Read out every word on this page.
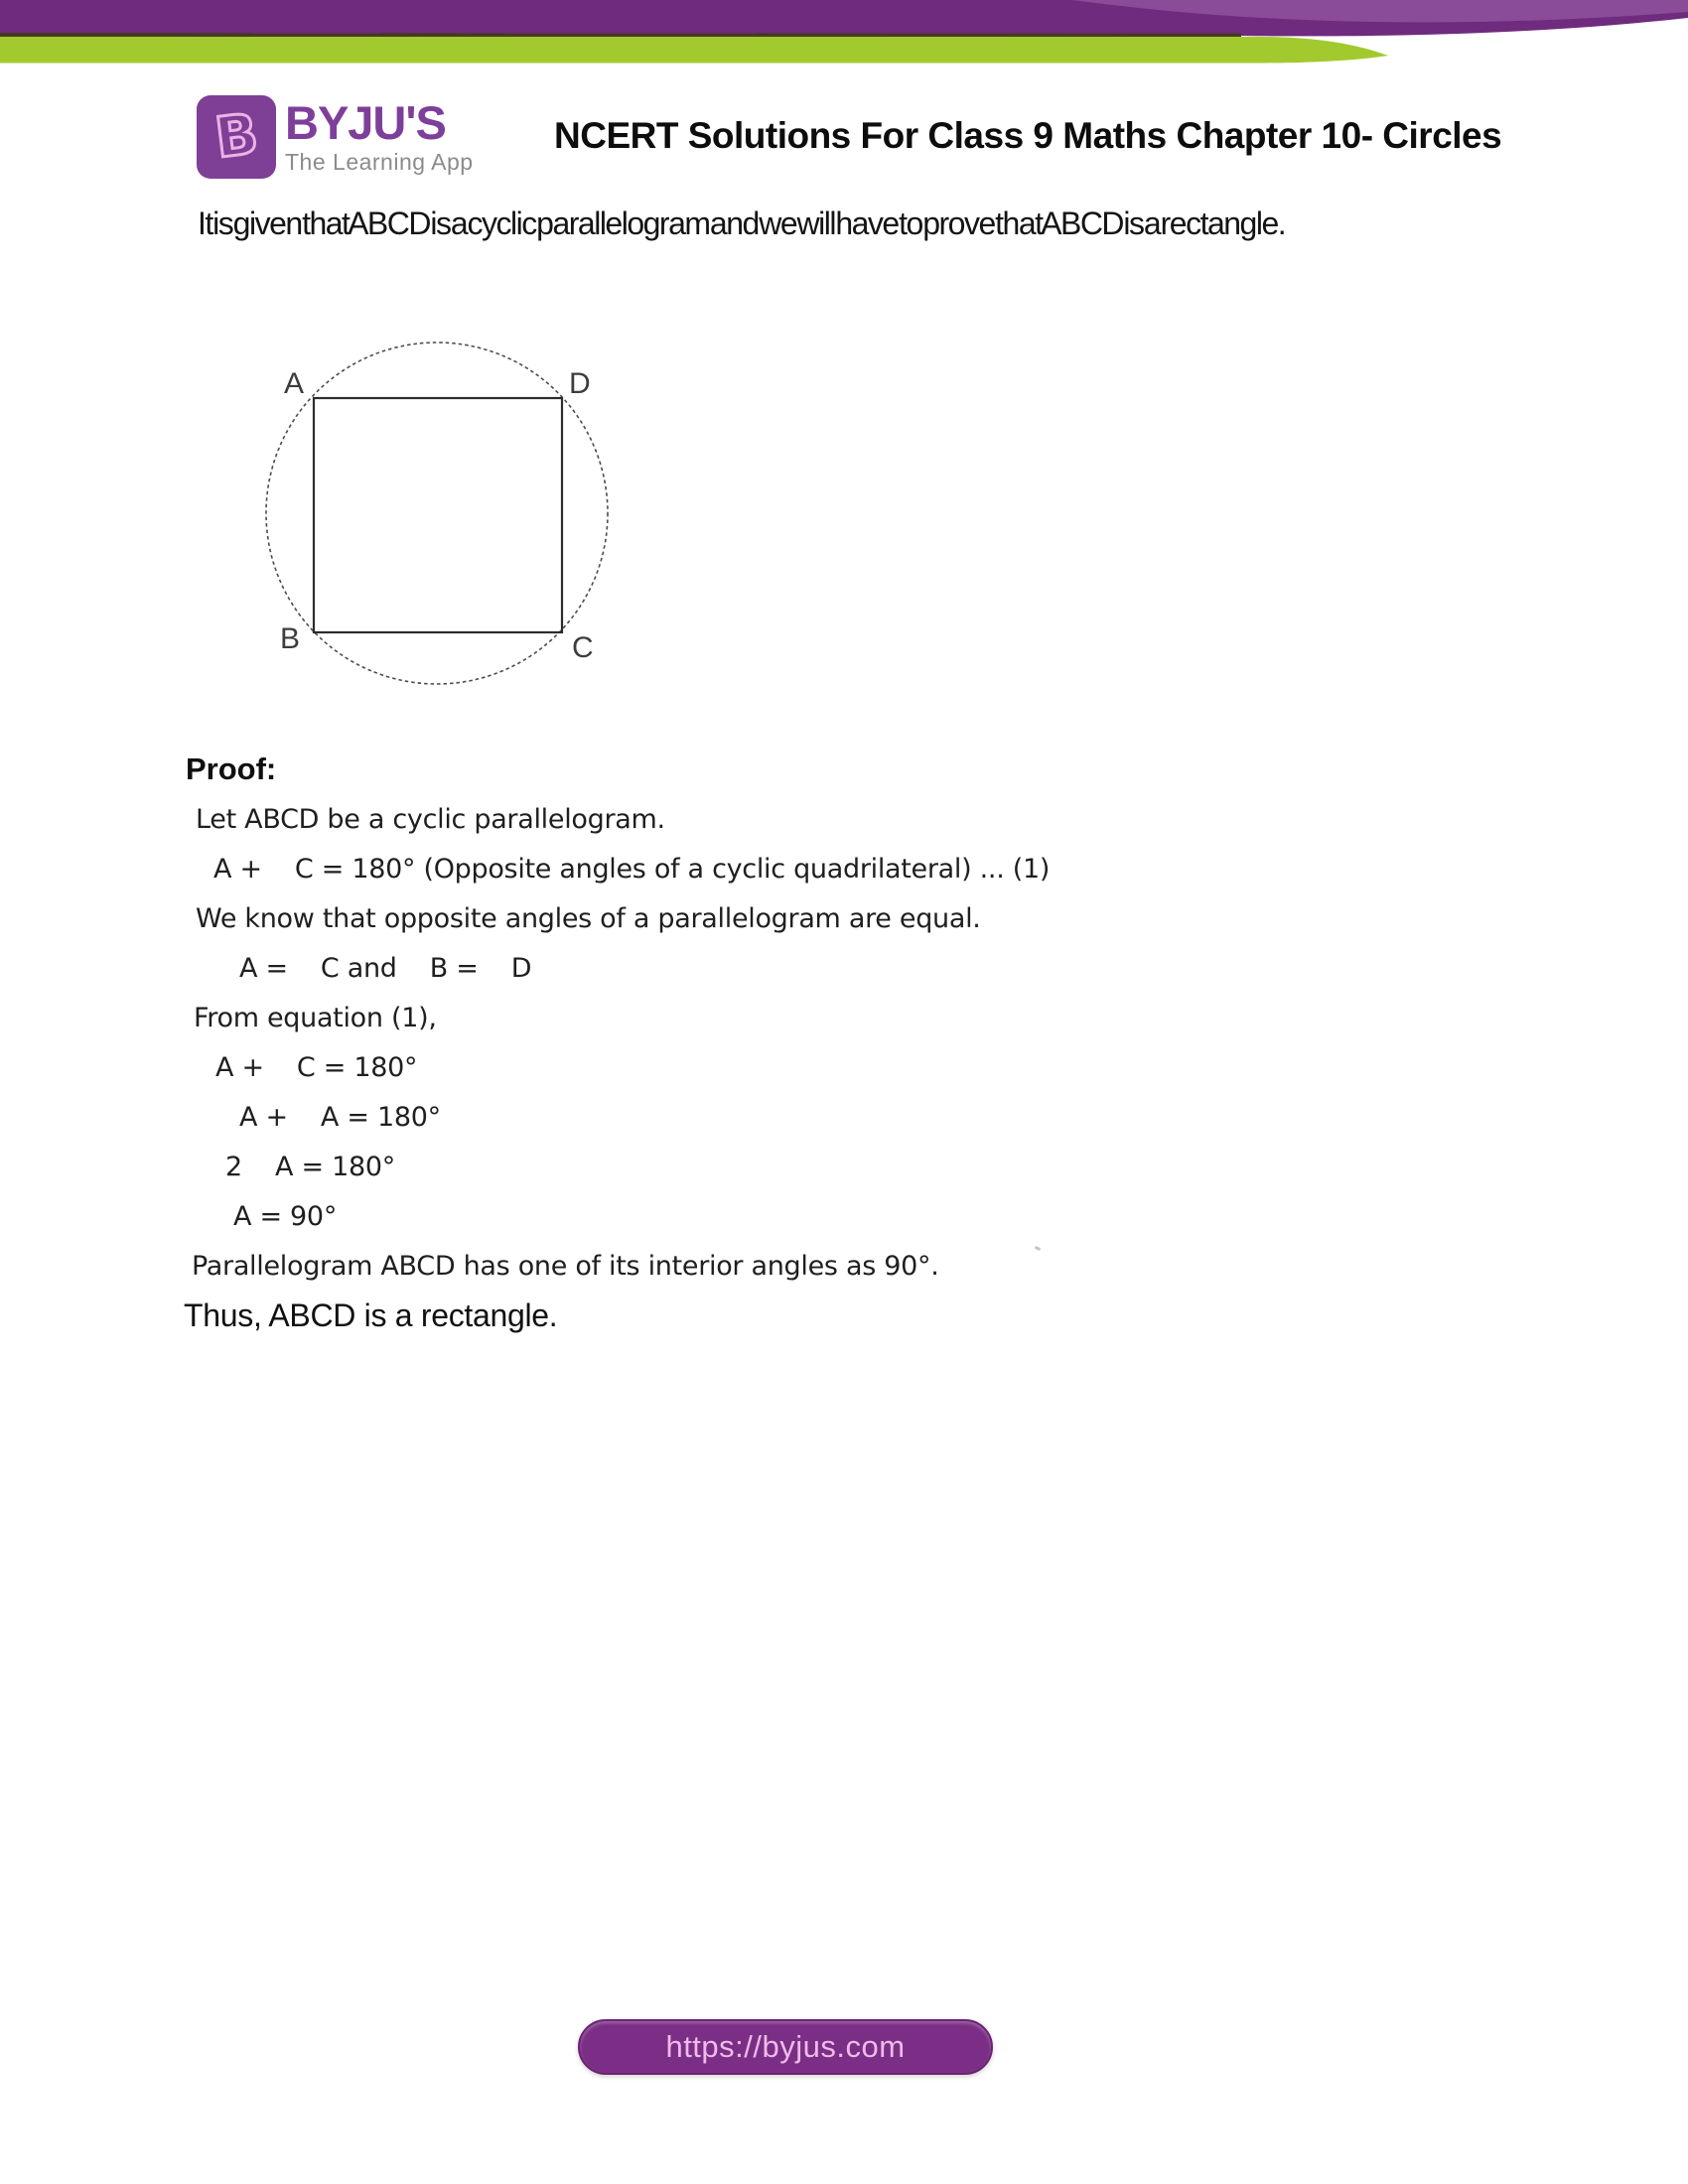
B BYJU'S
The Learning App
NCERT Solutions For Class 9 Maths Chapter 10- Circles

It is given that ABCD is a cyclic parallelogram and we will have to prove that ABCD is a rectangle.

A	D
B	C
Proof:
Let ABCD be a cyclic parallelogram.
A +    C = 180° (Opposite angles of a cyclic quadrilateral) ... (1)
We know that opposite angles of a parallelogram are equal.
A =    C and    B =    D
From equation (1),
A +    C = 180°
A +    A = 180°
2    A = 180°
A = 90°
Parallelogram ABCD has one of its interior angles as 90°.
Thus, ABCD is a rectangle.
https://byjus.com
